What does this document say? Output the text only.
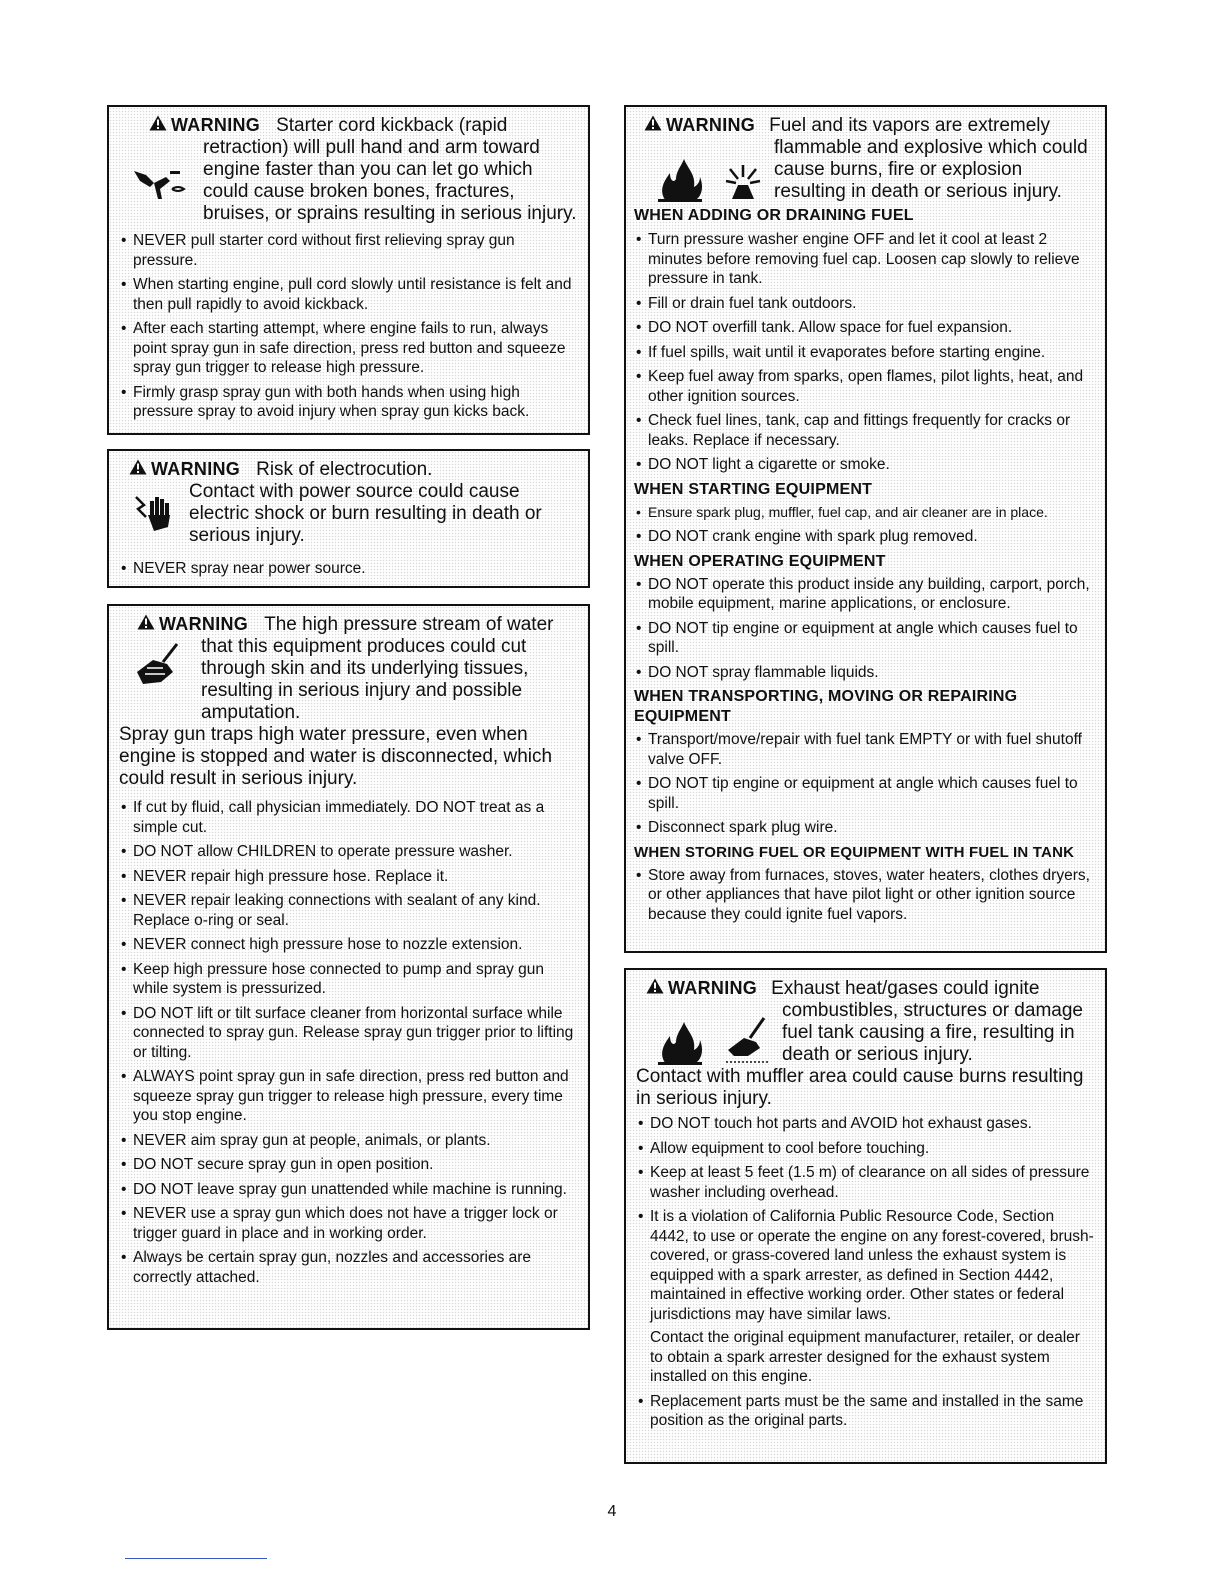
WARNING Starter cord kickback (rapid
retraction) will pull hand and arm toward
engine faster than you can let go which
could cause broken bones, fractures,
bruises, or sprains resulting in serious injury.
• NEVER pull starter cord without first relieving spray gun pressure.
• When starting engine, pull cord slowly until resistance is felt and then pull rapidly to avoid kickback.
• After each starting attempt, where engine fails to run, always point spray gun in safe direction, press red button and squeeze spray gun trigger to release high pressure.
• Firmly grasp spray gun with both hands when using high pressure spray to avoid injury when spray gun kicks back.
WARNING Risk of electrocution.
Contact with power source could cause
electric shock or burn resulting in death or
serious injury.
• NEVER spray near power source.
WARNING The high pressure stream of water
that this equipment produces could cut
through skin and its underlying tissues,
resulting in serious injury and possible
amputation.
Spray gun traps high water pressure, even when engine is stopped and water is disconnected, which could result in serious injury.
• If cut by fluid, call physician immediately. DO NOT treat as a simple cut.
• DO NOT allow CHILDREN to operate pressure washer.
• NEVER repair high pressure hose. Replace it.
• NEVER repair leaking connections with sealant of any kind. Replace o-ring or seal.
• NEVER connect high pressure hose to nozzle extension.
• Keep high pressure hose connected to pump and spray gun while system is pressurized.
• DO NOT lift or tilt surface cleaner from horizontal surface while connected to spray gun. Release spray gun trigger prior to lifting or tilting.
• ALWAYS point spray gun in safe direction, press red button and squeeze spray gun trigger to release high pressure, every time you stop engine.
• NEVER aim spray gun at people, animals, or plants.
• DO NOT secure spray gun in open position.
• DO NOT leave spray gun unattended while machine is running.
• NEVER use a spray gun which does not have a trigger lock or trigger guard in place and in working order.
• Always be certain spray gun, nozzles and accessories are correctly attached.
WARNING Fuel and its vapors are extremely
flammable and explosive which could
cause burns, fire or explosion
resulting in death or serious injury.
WHEN ADDING OR DRAINING FUEL
• Turn pressure washer engine OFF and let it cool at least 2 minutes before removing fuel cap. Loosen cap slowly to relieve pressure in tank.
• Fill or drain fuel tank outdoors.
• DO NOT overfill tank. Allow space for fuel expansion.
• If fuel spills, wait until it evaporates before starting engine.
• Keep fuel away from sparks, open flames, pilot lights, heat, and other ignition sources.
• Check fuel lines, tank, cap and fittings frequently for cracks or leaks. Replace if necessary.
• DO NOT light a cigarette or smoke.
WHEN STARTING EQUIPMENT
• Ensure spark plug, muffler, fuel cap, and air cleaner are in place.
• DO NOT crank engine with spark plug removed.
WHEN OPERATING EQUIPMENT
• DO NOT operate this product inside any building, carport, porch, mobile equipment, marine applications, or enclosure.
• DO NOT tip engine or equipment at angle which causes fuel to spill.
• DO NOT spray flammable liquids.
WHEN TRANSPORTING, MOVING OR REPAIRING EQUIPMENT
• Transport/move/repair with fuel tank EMPTY or with fuel shutoff valve OFF.
• DO NOT tip engine or equipment at angle which causes fuel to spill.
• Disconnect spark plug wire.
WHEN STORING FUEL OR EQUIPMENT WITH FUEL IN TANK
• Store away from furnaces, stoves, water heaters, clothes dryers, or other appliances that have pilot light or other ignition source because they could ignite fuel vapors.
WARNING Exhaust heat/gases could ignite
combustibles, structures or damage
fuel tank causing a fire, resulting in
death or serious injury.
Contact with muffler area could cause burns resulting in serious injury.
• DO NOT touch hot parts and AVOID hot exhaust gases.
• Allow equipment to cool before touching.
• Keep at least 5 feet (1.5 m) of clearance on all sides of pressure washer including overhead.
• It is a violation of California Public Resource Code, Section 4442, to use or operate the engine on any forest-covered, brush-covered, or grass-covered land unless the exhaust system is equipped with a spark arrester, as defined in Section 4442, maintained in effective working order. Other states or federal jurisdictions may have similar laws.
Contact the original equipment manufacturer, retailer, or dealer to obtain a spark arrester designed for the exhaust system installed on this engine.
• Replacement parts must be the same and installed in the same position as the original parts.
4
